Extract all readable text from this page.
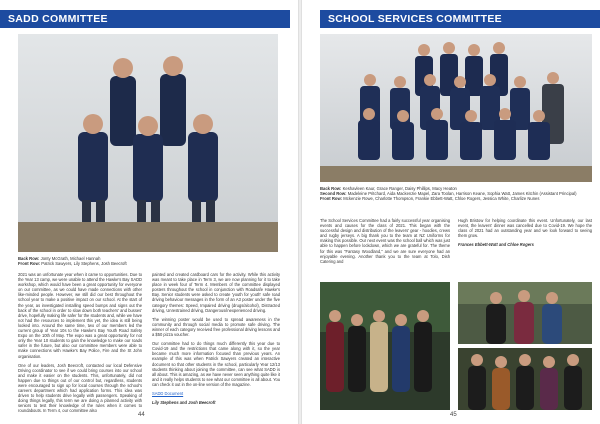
SADD COMMITTEE
Back Row: Jonty McGrath, Michael Hannah
Front Row: Patrick Sawyers, Lily Stephens, Josh Beecroft

2021 was an unfortunate year when it came to opportunities. Due to the Year 13 camp, we were unable to attend the Hawke's Bay SADD workshop, which would have been a great opportunity for everyone on our committee, as we could have made connections with other like-minded people. However, we still did our best throughout the school year to make a positive impact on our school. At the start of the year, as investigated installing speed bumps and signs out the back of the school in order to slow down both teachers' and busses' drive, hopefully making life safer for the students and, while we have not had the resources to implement this yet, the idea is still being looked into. Around the same time, two of our members led the current group of Year 10s to the Hawke's Bay Youth Road Safety Expo on the 10th of May. The expo was a great opportunity for not only the Year 10 students to gain the knowledge to make our roads safer in the future, but also our committee members were able to make connections with Hawke's Bay Police, Fire and the St John organisation.

One of our leaders, Josh Beecroft, contacted our local Defensive Driving coordinator to see if we could bring courses into our school and make it easier on the students. This, unfortunately, did not happen due to things out of our control but, regardless, students were encouraged to sign up for local courses through the school's careers department which had application forms. This idea was driven to help students drive legally with passengers. Speaking of doing things legally, this term we are doing a planned activity with seniors to test their knowledge of the rules when it comes to roundabouts. In Term 4, our committee also

painted and created cardboard cars for the activity. While this activity was meant to take place in Term 3, we are now planning for it to take place in week four of Term 4. Members of the committee displayed posters throughout the school in conjunction with Roadsafe Hawke's Bay. Senior students were asked to create 'youth for youth' safe road driving behaviour messages in the form of an A3 poster under the five category themes: Speed, Impaired driving (drugs/alcohol), Distracted driving, Unrestrained driving, Dangerous/inexperienced driving.

The winning poster would be used to spread awareness in the community and through social media to promote safe driving. The winner of each category received free professional driving lessons and a $50 pizza voucher.

Our committee had to do things much differently this year due to Covid-19 and the restrictions that came along with it, so the year became much more information focused than previous years. An example of this was when Patrick Sawyers created an interactive document so that other students in the school, particularly Year 12/13 students thinking about joining the committee, can see what SADD is all about. This is amazing, as we have never seen anything quite like it and it really helps students to see what our committee is all about. You can check it out in the on-line version of the magazine.

SADD Document

Lily Stephens and Josh Beecroft

44
SCHOOL SERVICES COMMITTEE
Back Row: Keshavleen Kaur, Grace Ranger, Daisy Phillips, Macy Heaton
Second Row: Madeleine Pritchard, Aida Mackenzie Mapel, Zara Toolan, Harrison Keane, Sophia Watt, James Kitchin (Assistant Principal)
Front Row: Mckenzie Rowe, Charlotte Thompson, Frankie Ebbett-Watt, Chloe Rogers, Jessica White, Charlize Nunes

The School Services Committee had a fairly successful year organising events and causes for the class of 2021. This began with the successful design and distribution of the leavers' gear - hoodies, crews and rugby jerseys. A big thank you to the team at NZ Uniforms for making this possible. Our next event was the school ball which was just able to happen before lockdown, which we are grateful for. The theme for this was "Fantasy Woodland," and we are sure everyone had an enjoyable evening. Another thank you to the team at Tolo, Dish Catering and

Hugh Bristow for helping coordinate this event. Unfortunately, our last event, the leavers' dinner was cancelled due to Covid-19. We hope the class of 2021 had an outstanding year and we look forward to seeing them grow.

Frances Ebbett-Watt and Chloe Rogers

45
